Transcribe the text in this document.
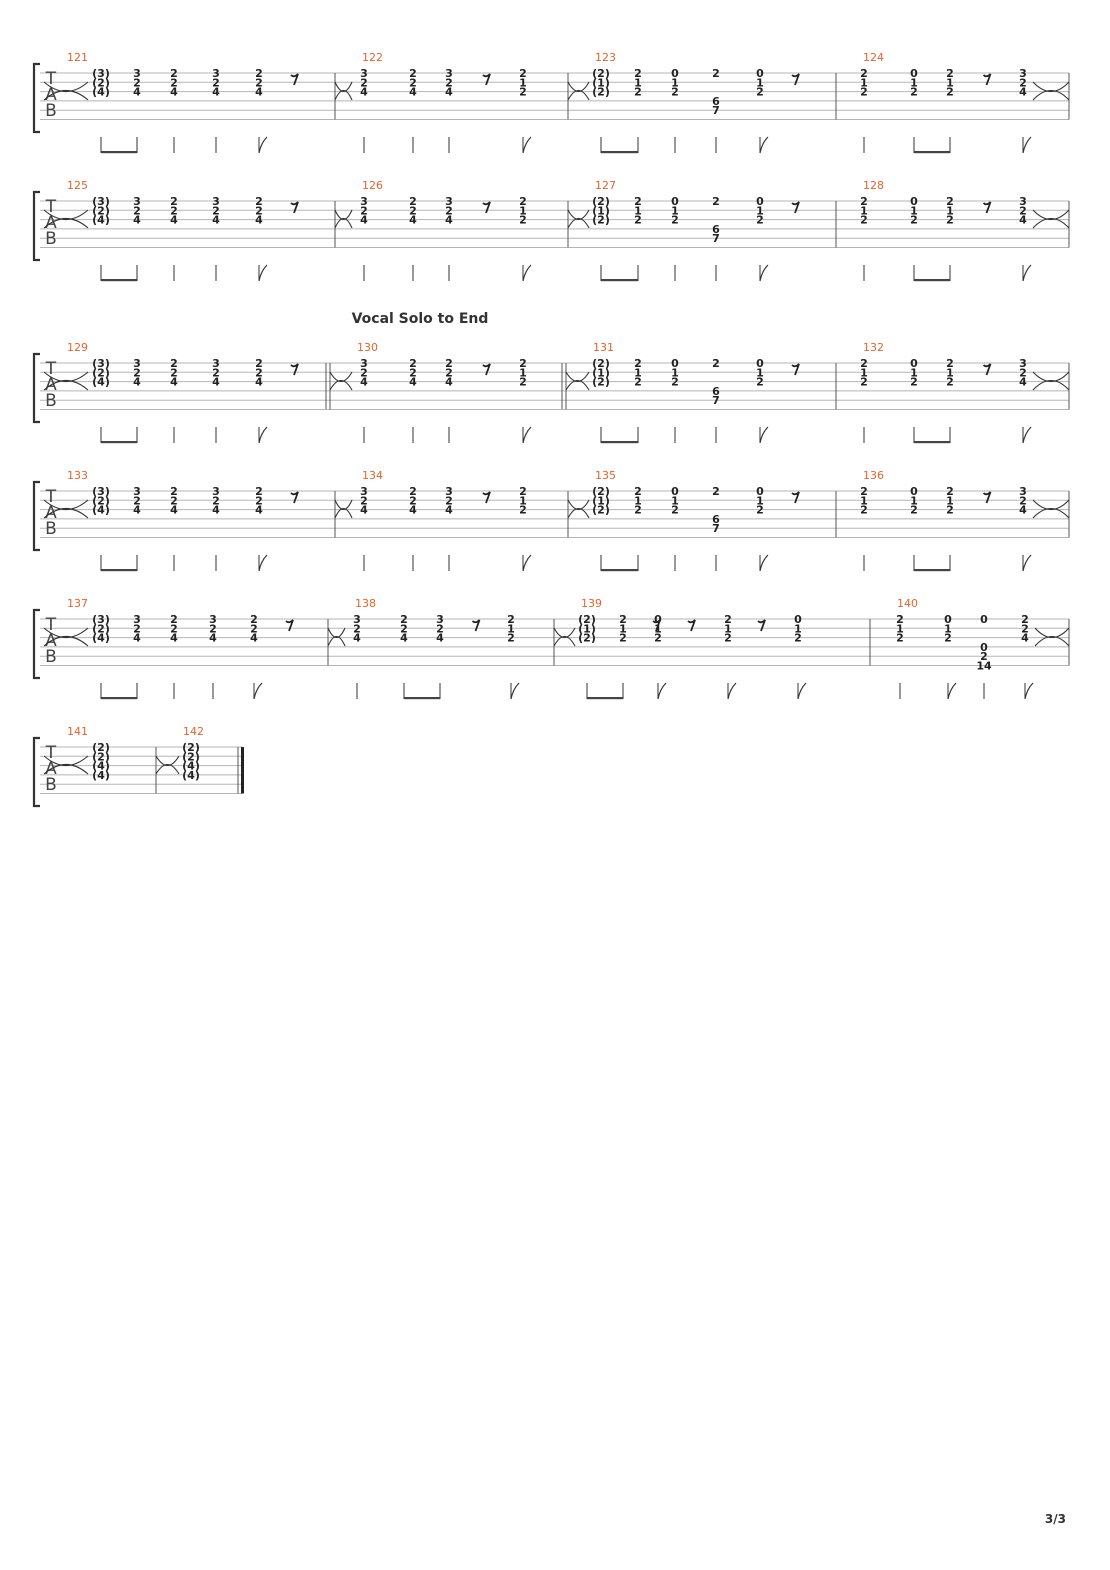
Vocal Solo to End
3/3
T
A
B
121
(3)
(2)
(4)
3
2
4
2
2
4
3
2
4
2
2
4
122
3
2
4
2
2
4
3
2
4
2
1
2
123
(2)
(1)
(2)
2
1
2
0
1
2
2
6
7
0
1
2
124
2
1
2
0
1
2
2
1
2
3
2
4
T
A
B
125
(3)
(2)
(4)
3
2
4
2
2
4
3
2
4
2
2
4
126
3
2
4
2
2
4
3
2
4
2
1
2
127
(2)
(1)
(2)
2
1
2
0
1
2
2
6
7
0
1
2
128
2
1
2
0
1
2
2
1
2
3
2
4
T
A
B
129
(3)
(2)
(4)
3
2
4
2
2
4
3
2
4
2
2
4
130
3
2
4
2
2
4
2
2
4
2
1
2
131
(2)
(1)
(2)
2
1
2
0
1
2
2
6
7
0
1
2
132
2
1
2
0
1
2
2
1
2
3
2
4
T
A
B
133
(3)
(2)
(4)
3
2
4
2
2
4
3
2
4
2
2
4
134
3
2
4
2
2
4
3
2
4
2
1
2
135
(2)
(1)
(2)
2
1
2
0
1
2
2
6
7
0
1
2
136
2
1
2
0
1
2
2
1
2
3
2
4
T
A
B
137
(3)
(2)
(4)
3
2
4
2
2
4
3
2
4
2
2
4
138
3
2
4
2
2
4
3
2
4
2
1
2
139
(2)
(1)
(2)
2
1
2
0
1
2
2
1
2
0
1
2
140
2
1
2
0
1
2
0
0
2
14
2
2
4
T
A
B
141
(2)
(2)
(4)
(4)
142
(2)
(2)
(4)
(4)
